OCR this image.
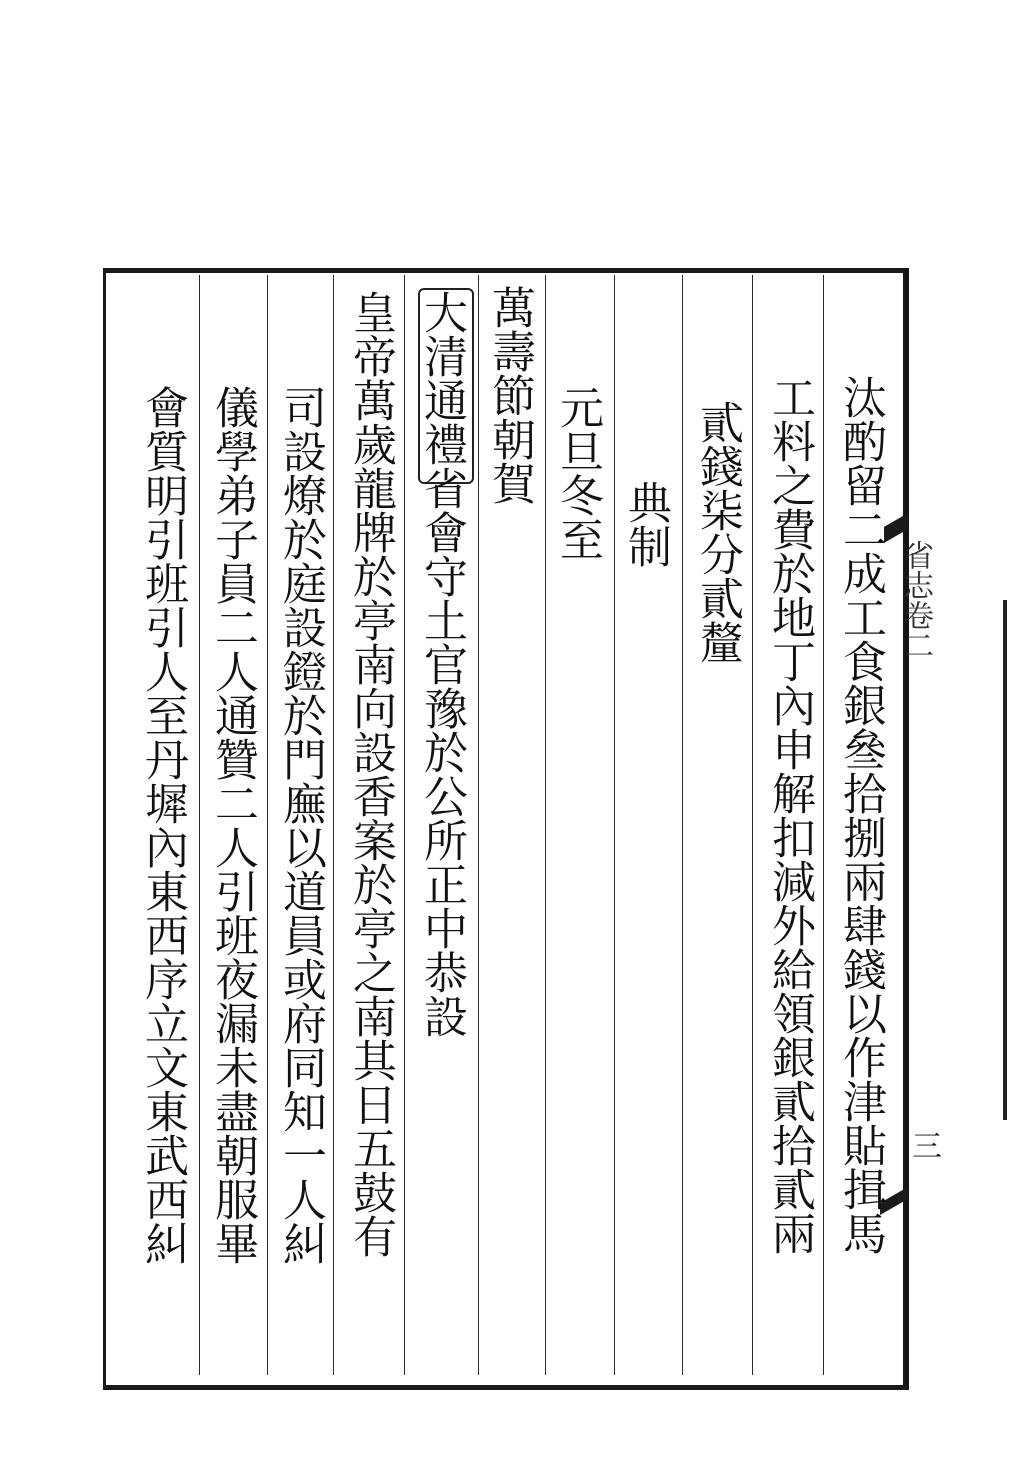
省志卷二
三
汰酌留二成工食銀叄拾捌兩肆錢以作津貼揖馬
工料之費於地丁內申解扣減外給領銀貳拾貳兩
貳錢柒分貳釐
典制
元旦冬至
萬壽節朝賀
大清通禮省會守土官豫於公所正中恭設
皇帝萬歲龍牌於亭南向設香案於亭之南其日五鼓有
司設燎於庭設鐙於門廡以道員或府同知一人糾
儀學弟子員二人通贊二人引班夜漏未盡朝服畢
會質明引班引人至丹墀內東西序立文東武西糾
